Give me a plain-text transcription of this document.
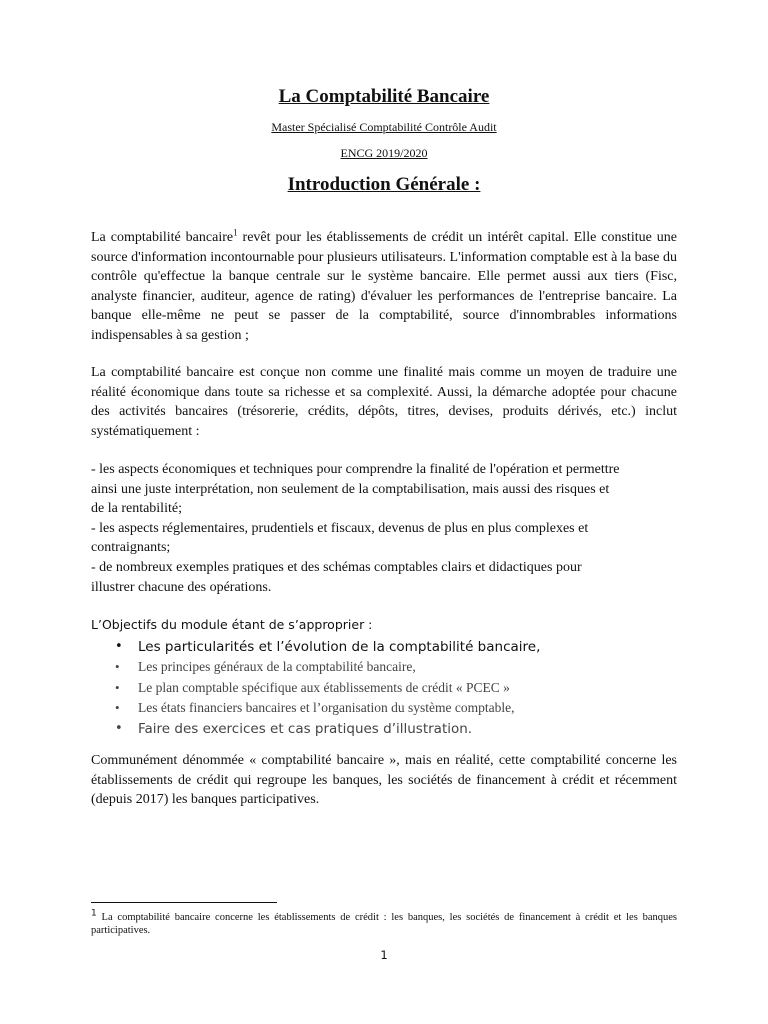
La Comptabilité Bancaire
Master Spécialisé Comptabilité Contrôle Audit
ENCG 2019/2020
Introduction Générale :
La comptabilité bancaire$^1$ revêt pour les établissements de crédit un intérêt capital. Elle constitue une source d'information incontournable pour plusieurs utilisateurs. L'information comptable est à la base du contrôle qu'effectue la banque centrale sur le système bancaire. Elle permet aussi aux tiers (Fisc, analyste financier, auditeur, agence de rating) d'évaluer les performances de l'entreprise bancaire. La banque elle-même ne peut se passer de la comptabilité, source d'innombrables informations indispensables à sa gestion ;
La comptabilité bancaire est conçue non comme une finalité mais comme un moyen de traduire une réalité économique dans toute sa richesse et sa complexité. Aussi, la démarche adoptée pour chacune des activités bancaires (trésorerie, crédits, dépôts, titres, devises, produits dérivés, etc.) inclut systématiquement :
- les aspects économiques et techniques pour comprendre la finalité de l'opération et permettre
ainsi une juste interprétation, non seulement de la comptabilisation, mais aussi des risques et
de la rentabilité;
- les aspects réglementaires, prudentiels et fiscaux, devenus de plus en plus complexes et
contraignants;
- de nombreux exemples pratiques et des schémas comptables clairs et didactiques pour
illustrer chacune des opérations.
L’Objectifs du module étant de s’approprier :
• Les particularités et l’évolution de la comptabilité bancaire,
• Les principes généraux de la comptabilité bancaire,
• Le plan comptable spécifique aux établissements de crédit « PCEC »
• Les états financiers bancaires et l’organisation du système comptable,
• Faire des exercices et cas pratiques d’illustration.
Communément dénommée « comptabilité bancaire », mais en réalité, cette comptabilité concerne les établissements de crédit qui regroupe les banques, les sociétés de financement à crédit et récemment (depuis 2017) les banques participatives.
1 La comptabilité bancaire concerne les établissements de crédit : les banques, les sociétés de financement à crédit et les banques participatives.
1
